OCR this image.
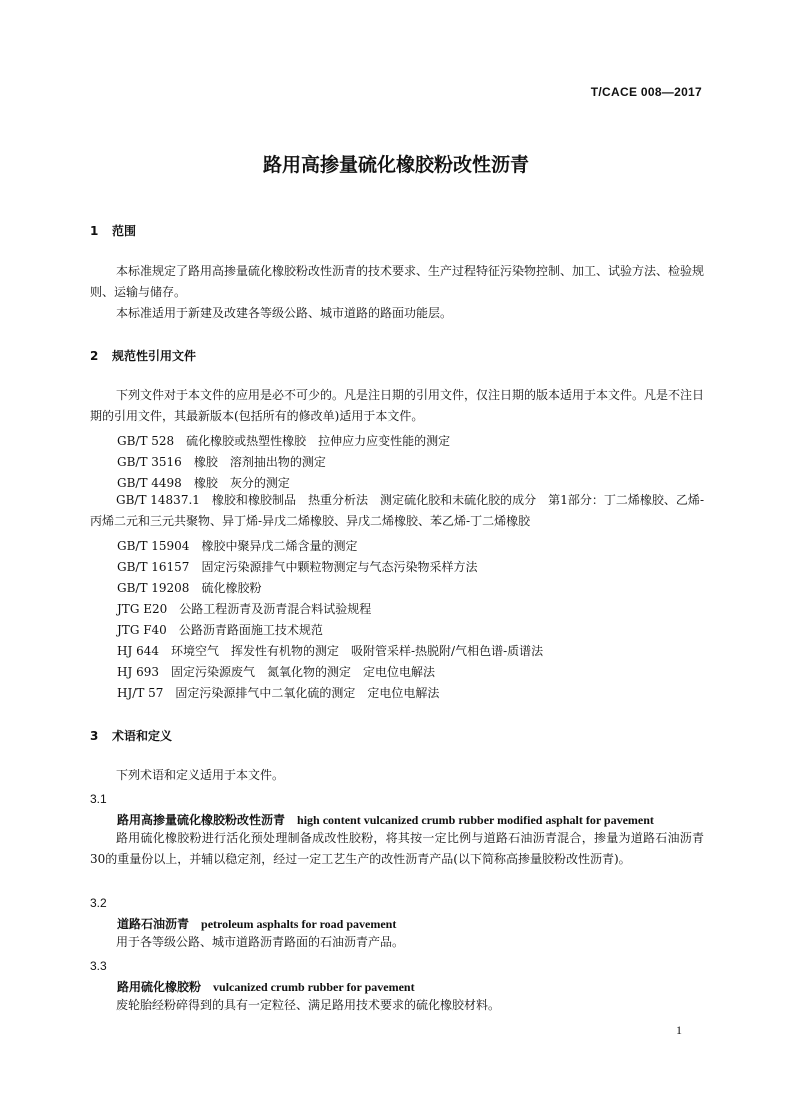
T/CACE 008—2017
路用高掺量硫化橡胶粉改性沥青
1 范围
本标准规定了路用高掺量硫化橡胶粉改性沥青的技术要求、生产过程特征污染物控制、加工、试验方法、检验规则、运输与储存。
本标准适用于新建及改建各等级公路、城市道路的路面功能层。
2 规范性引用文件
下列文件对于本文件的应用是必不可少的。凡是注日期的引用文件，仅注日期的版本适用于本文件。凡是不注日期的引用文件，其最新版本(包括所有的修改单)适用于本文件。
GB/T 528 硫化橡胶或热塑性橡胶　拉伸应力应变性能的测定
GB/T 3516 橡胶　溶剂抽出物的测定
GB/T 4498 橡胶　灰分的测定
GB/T 14837.1 橡胶和橡胶制品　热重分析法　测定硫化胶和未硫化胶的成分　第1部分：丁二烯橡胶、乙烯-丙烯二元和三元共聚物、异丁烯-异戊二烯橡胶、异戊二烯橡胶、苯乙烯-丁二烯橡胶
GB/T 15904 橡胶中聚异戊二烯含量的测定
GB/T 16157 固定污染源排气中颗粒物测定与气态污染物采样方法
GB/T 19208 硫化橡胶粉
JTG E20 公路工程沥青及沥青混合料试验规程
JTG F40 公路沥青路面施工技术规范
HJ 644 环境空气　挥发性有机物的测定　吸附管采样-热脱附/气相色谱-质谱法
HJ 693 固定污染源废气　氮氧化物的测定　定电位电解法
HJ/T 57 固定污染源排气中二氧化硫的测定　定电位电解法
3 术语和定义
下列术语和定义适用于本文件。
3.1
路用高掺量硫化橡胶粉改性沥青 high content vulcanized crumb rubber modified asphalt for pavement
路用硫化橡胶粉进行活化预处理制备成改性胶粉，将其按一定比例与道路石油沥青混合，掺量为道路石油沥青30的重量份以上，并辅以稳定剂，经过一定工艺生产的改性沥青产品(以下简称高掺量胶粉改性沥青)。
3.2
道路石油沥青 petroleum asphalts for road pavement
用于各等级公路、城市道路沥青路面的石油沥青产品。
3.3
路用硫化橡胶粉 vulcanized crumb rubber for pavement
废轮胎经粉碎得到的具有一定粒径、满足路用技术要求的硫化橡胶材料。
1
